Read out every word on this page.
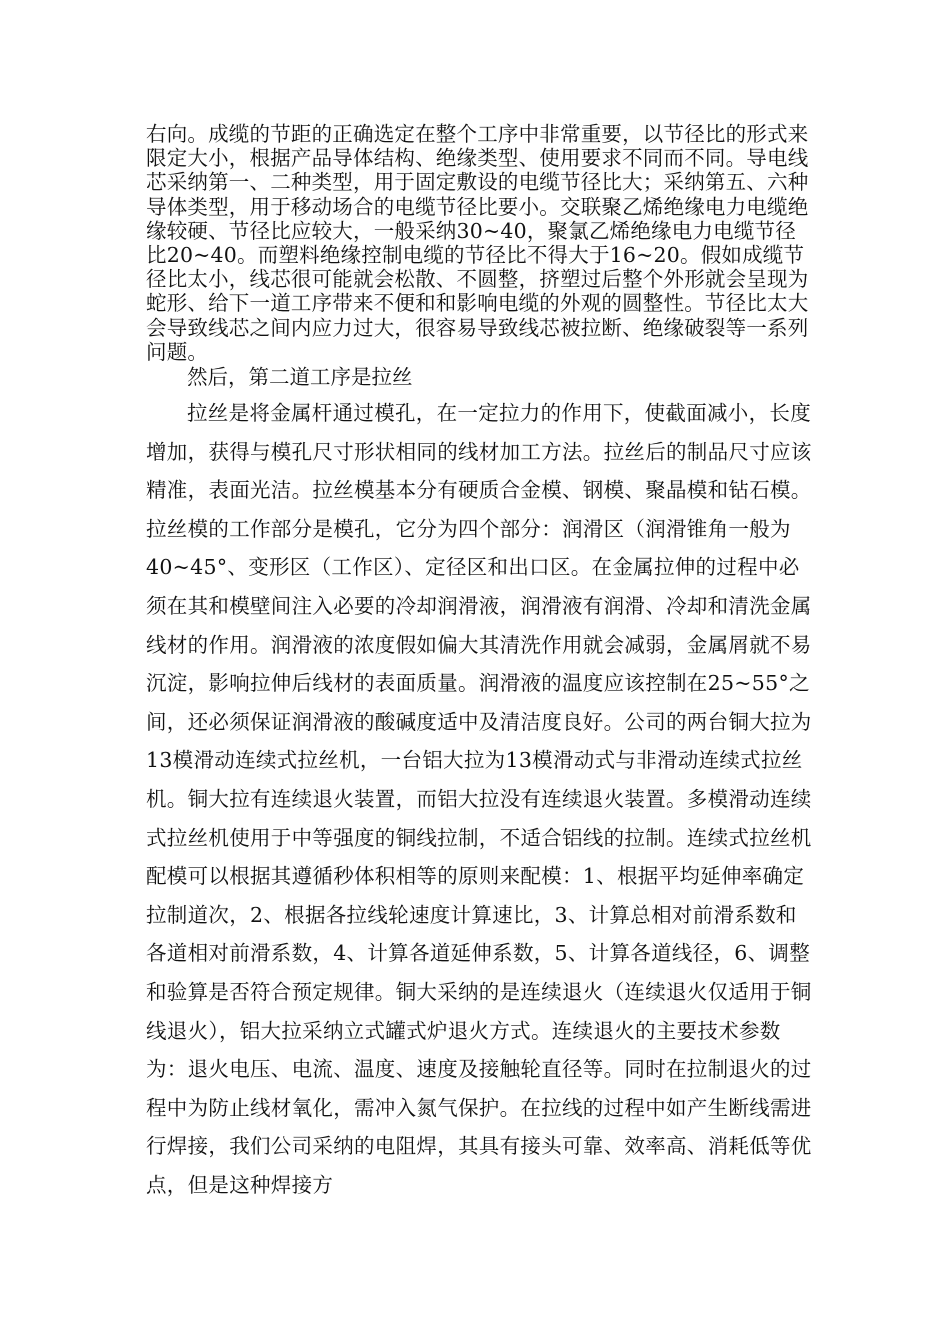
右向。成缆的节距的正确选定在整个工序中非常重要，以节径比的形式来限定大小，根据产品导体结构、绝缘类型、使用要求不同而不同。导电线芯采纳第一、二种类型，用于固定敷设的电缆节径比大；采纳第五、六种导体类型，用于移动场合的电缆节径比要小。交联聚乙烯绝缘电力电缆绝缘较硬、节径比应较大，一般采纳30~40，聚氯乙烯绝缘电力电缆节径比20~40。而塑料绝缘控制电缆的节径比不得大于16~20。假如成缆节径比太小，线芯很可能就会松散、不圆整，挤塑过后整个外形就会呈现为蛇形、给下一道工序带来不便和和影响电缆的外观的圆整性。节径比太大会导致线芯之间内应力过大，很容易导致线芯被拉断、绝缘破裂等一系列问题。

然后，第二道工序是拉丝

拉丝是将金属杆通过模孔，在一定拉力的作用下，使截面减小，长度增加，获得与模孔尺寸形状相同的线材加工方法。拉丝后的制品尺寸应该精准，表面光洁。拉丝模基本分有硬质合金模、钢模、聚晶模和钻石模。拉丝模的工作部分是模孔，它分为四个部分：润滑区（润滑锥角一般为40~45°、变形区（工作区）、定径区和出口区。在金属拉伸的过程中必须在其和模壁间注入必要的冷却润滑液，润滑液有润滑、冷却和清洗金属线材的作用。润滑液的浓度假如偏大其清洗作用就会减弱，金属屑就不易沉淀，影响拉伸后线材的表面质量。润滑液的温度应该控制在25~55°之间，还必须保证润滑液的酸碱度适中及清洁度良好。公司的两台铜大拉为13模滑动连续式拉丝机，一台铝大拉为13模滑动式与非滑动连续式拉丝机。铜大拉有连续退火装置，而铝大拉没有连续退火装置。多模滑动连续式拉丝机使用于中等强度的铜线拉制，不适合铝线的拉制。连续式拉丝机配模可以根据其遵循秒体积相等的原则来配模：1、根据平均延伸率确定拉制道次，2、根据各拉线轮速度计算速比，3、计算总相对前滑系数和各道相对前滑系数，4、计算各道延伸系数，5、计算各道线径，6、调整和验算是否符合预定规律。铜大采纳的是连续退火（连续退火仅适用于铜线退火），铝大拉采纳立式罐式炉退火方式。连续退火的主要技术参数为：退火电压、电流、温度、速度及接触轮直径等。同时在拉制退火的过程中为防止线材氧化，需冲入氮气保护。在拉线的过程中如产生断线需进行焊接，我们公司采纳的电阻焊，其具有接头可靠、效率高、消耗低等优点，但是这种焊接方
